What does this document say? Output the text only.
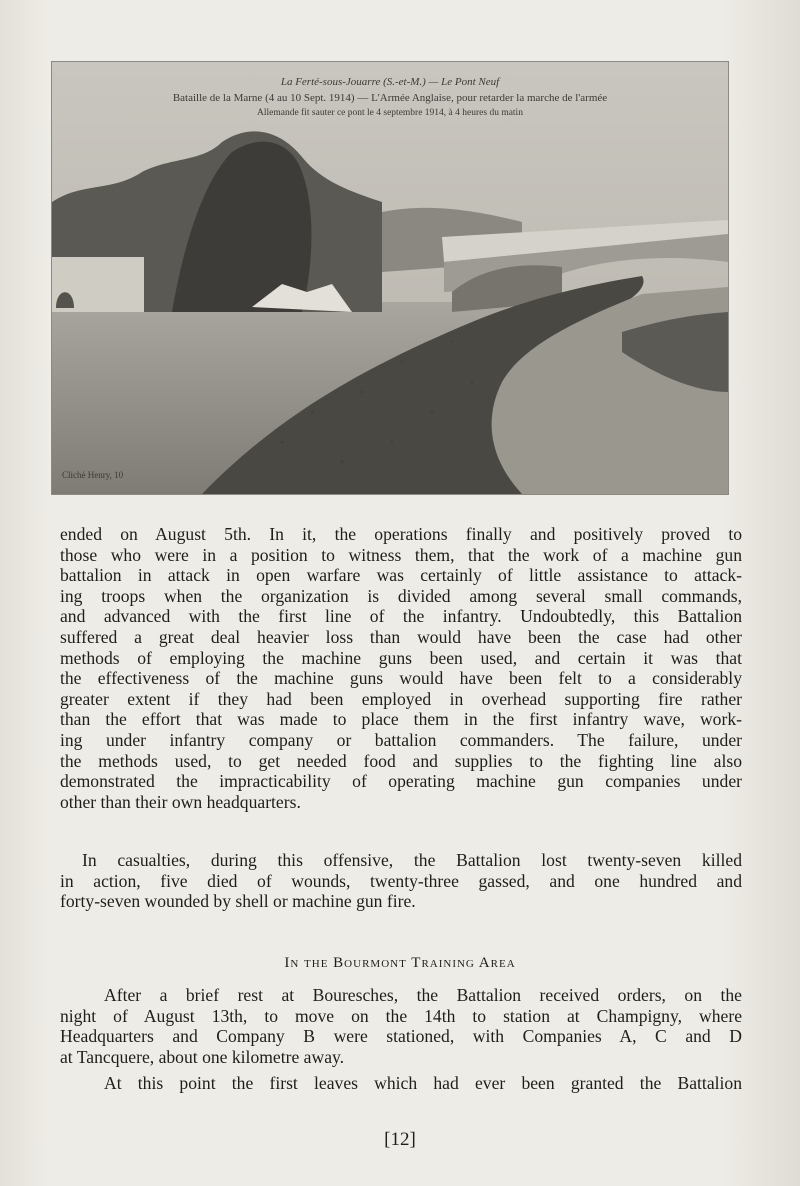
La Ferté-sous-Jouarre (S.-et-M.) — Le Pont Neuf
Bataille de la Marne (4 au 10 Sept. 1914) — L'Armée Anglaise, pour retarder la marche de l'armée
Allemande fit sauter ce pont le 4 septembre 1914, à 4 heures du matin
Cliché Henry, 10
ended on August 5th. In it, the operations finally and positively proved to
those who were in a position to witness them, that the work of a machine gun
battalion in attack in open warfare was certainly of little assistance to attack-
ing troops when the organization is divided among several small commands,
and advanced with the first line of the infantry. Undoubtedly, this Battalion
suffered a great deal heavier loss than would have been the case had other
methods of employing the machine guns been used, and certain it was that
the effectiveness of the machine guns would have been felt to a considerably
greater extent if they had been employed in overhead supporting fire rather
than the effort that was made to place them in the first infantry wave, work-
ing under infantry company or battalion commanders. The failure, under
the methods used, to get needed food and supplies to the fighting line also
demonstrated the impracticability of operating machine gun companies under
other than their own headquarters.
In casualties, during this offensive, the Battalion lost twenty-seven killed
in action, five died of wounds, twenty-three gassed, and one hundred and
forty-seven wounded by shell or machine gun fire.
In the Bourmont Training Area
After a brief rest at Bouresches, the Battalion received orders, on the
night of August 13th, to move on the 14th to station at Champigny, where
Headquarters and Company B were stationed, with Companies A, C and D
at Tancquere, about one kilometre away.
At this point the first leaves which had ever been granted the Battalion
[12]
